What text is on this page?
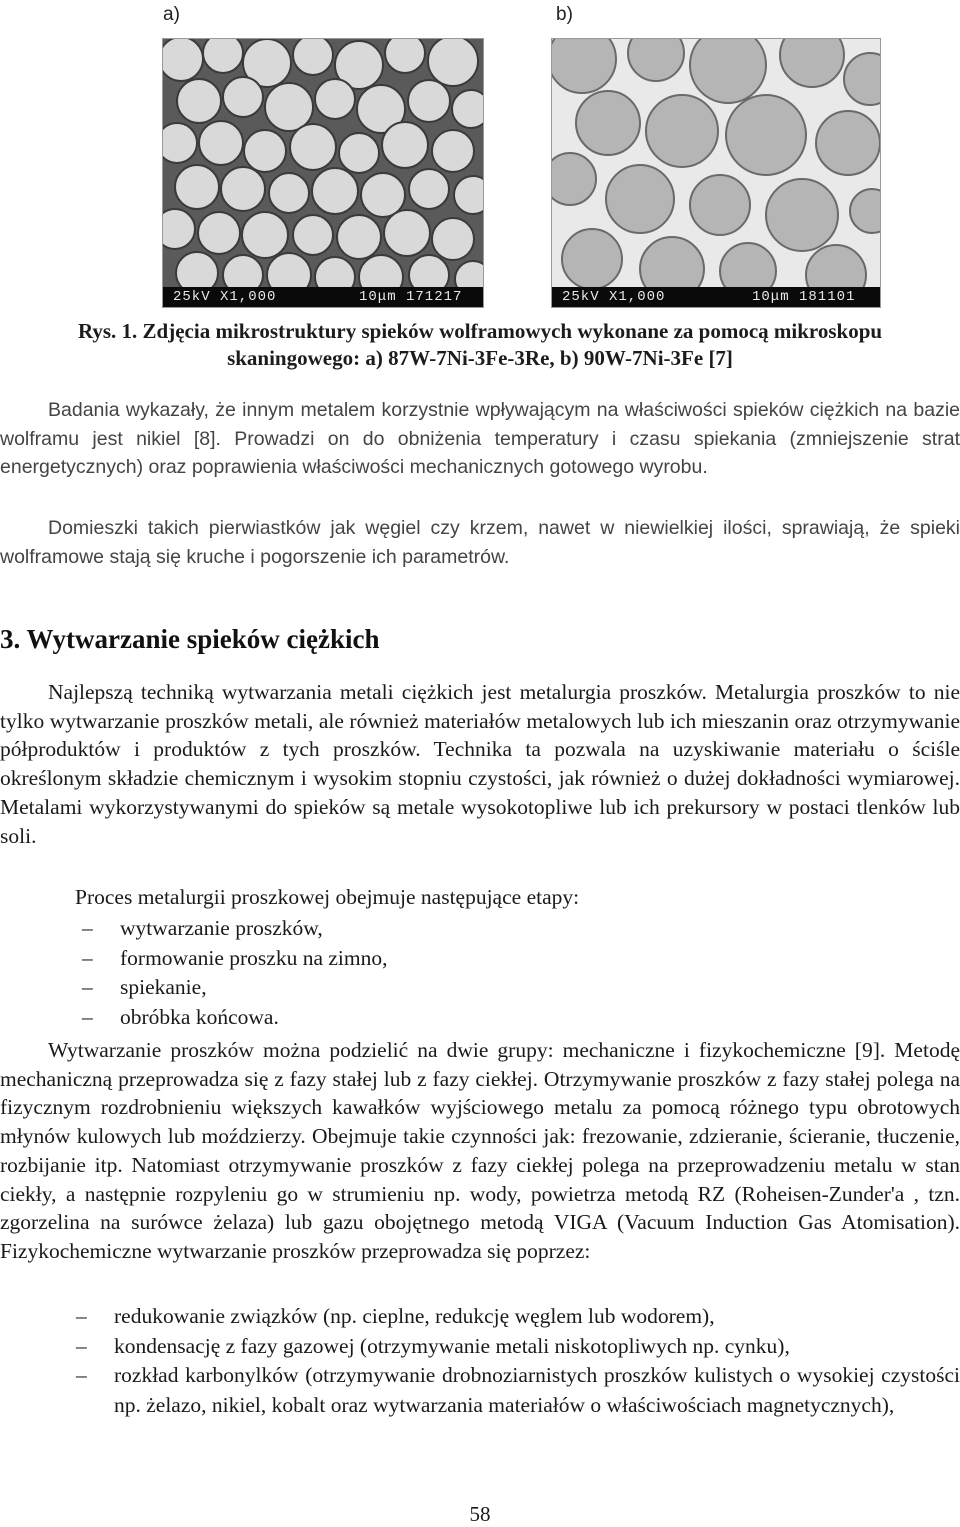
a)	b)
25kV X1,000	10μm 171217	25kV X1,000	10μm 181101
Rys. 1. Zdjęcia mikrostruktury spieków wolframowych wykonane za pomocą mikroskopu
skaningowego: a) 87W-7Ni-3Fe-3Re, b) 90W-7Ni-3Fe [7]

Badania wykazały, że innym metalem korzystnie wpływającym na właściwości spieków ciężkich na bazie wolframu jest nikiel [8]. Prowadzi on do obniżenia temperatury i czasu spiekania (zmniejszenie strat energetycznych) oraz poprawienia właściwości mechanicznych gotowego wyrobu.

Domieszki takich pierwiastków jak węgiel czy krzem, nawet w niewielkiej ilości, sprawiają, że spieki wolframowe stają się kruche i pogorszenie ich parametrów.

3. Wytwarzanie spieków ciężkich

Najlepszą techniką wytwarzania metali ciężkich jest metalurgia proszków. Metalurgia proszków to nie tylko wytwarzanie proszków metali, ale również materiałów metalowych lub ich mieszanin oraz otrzymywanie półproduktów i produktów z tych proszków. Technika ta pozwala na uzyskiwanie materiału o ściśle określonym składzie chemicznym i wysokim stopniu czystości, jak również o dużej dokładności wymiarowej. Metalami wykorzystywanymi do spieków są metale wysokotopliwe lub ich prekursory w postaci tlenków lub soli.

Proces metalurgii proszkowej obejmuje następujące etapy:

– wytwarzanie proszków,
– formowanie proszku na zimno,
– spiekanie,
– obróbka końcowa.

Wytwarzanie proszków można podzielić na dwie grupy: mechaniczne i fizykochemiczne [9]. Metodę mechaniczną przeprowadza się z fazy stałej lub z fazy ciekłej. Otrzymywanie proszków z fazy stałej polega na fizycznym rozdrobnieniu większych kawałków wyjściowego metalu za pomocą różnego typu obrotowych młynów kulowych lub moździerzy. Obejmuje takie czynności jak: frezowanie, zdzieranie, ścieranie, tłuczenie, rozbijanie itp. Natomiast otrzymywanie proszków z fazy ciekłej polega na przeprowadzeniu metalu w stan ciekły, a następnie rozpyleniu go w strumieniu np. wody, powietrza metodą RZ (Roheisen-Zunder'a , tzn. zgorzelina na surówce żelaza) lub gazu obojętnego metodą VIGA (Vacuum Induction Gas Atomisation). Fizykochemiczne wytwarzanie proszków przeprowadza się poprzez:

– redukowanie związków (np. cieplne, redukcję węglem lub wodorem),
– kondensację z fazy gazowej (otrzymywanie metali niskotopliwych np. cynku),
– rozkład karbonylków (otrzymywanie drobnoziarnistych proszków kulistych o wysokiej czystości np. żelazo, nikiel, kobalt oraz wytwarzania materiałów o właściwościach magnetycznych),
58
